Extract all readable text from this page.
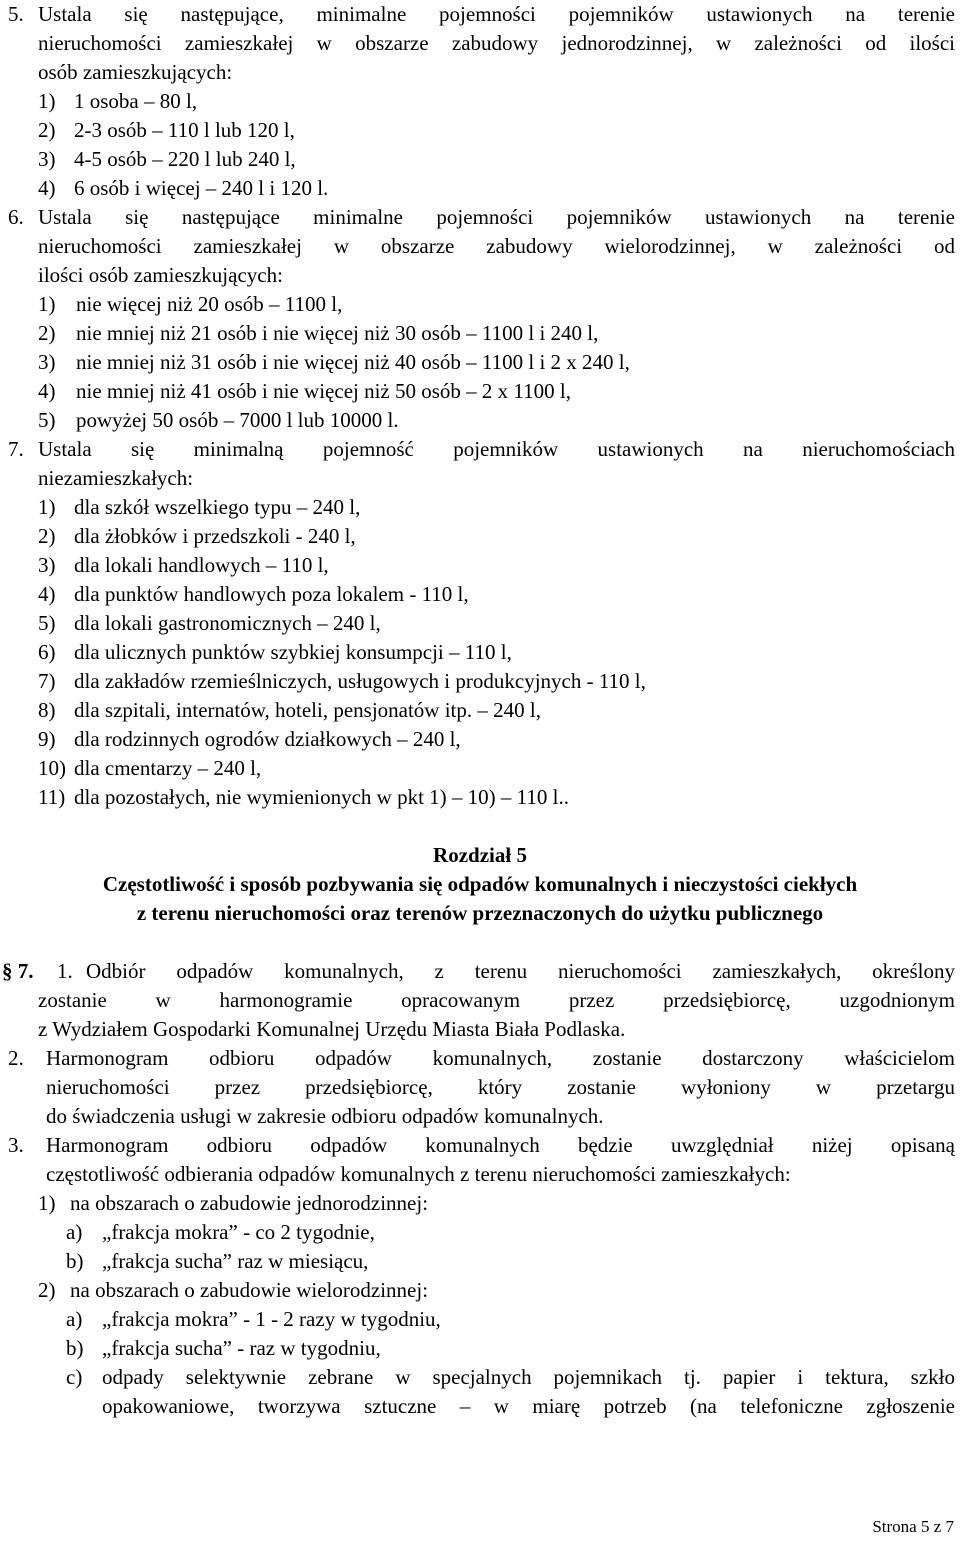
5. Ustala się następujące, minimalne pojemności pojemników ustawionych na terenie
nieruchomości zamieszkałej w obszarze zabudowy jednorodzinnej, w zależności od ilości
osób zamieszkujących:
1) 1 osoba – 80 l,
2) 2-3 osób – 110 l lub 120 l,
3) 4-5 osób – 220 l lub 240 l,
4) 6 osób i więcej – 240 l i 120 l.
6. Ustala się następujące minimalne pojemności pojemników ustawionych na terenie
nieruchomości zamieszkałej w obszarze zabudowy wielorodzinnej, w zależności od
ilości osób zamieszkujących:
1) nie więcej niż 20 osób – 1100 l,
2) nie mniej niż 21 osób i nie więcej niż 30 osób – 1100 l i 240 l,
3) nie mniej niż 31 osób i nie więcej niż 40 osób – 1100 l i 2 x 240 l,
4) nie mniej niż 41 osób i nie więcej niż 50 osób – 2 x 1100 l,
5) powyżej 50 osób – 7000 l lub 10000 l.
7. Ustala się minimalną pojemność pojemników ustawionych na nieruchomościach
niezamieszkałych:
1) dla szkół wszelkiego typu – 240 l,
2) dla żłobków i przedszkoli - 240 l,
3) dla lokali handlowych – 110 l,
4) dla punktów handlowych poza lokalem - 110 l,
5) dla lokali gastronomicznych – 240 l,
6) dla ulicznych punktów szybkiej konsumpcji – 110 l,
7) dla zakładów rzemieślniczych, usługowych i produkcyjnych - 110 l,
8) dla szpitali, internatów, hoteli, pensjonatów itp. – 240 l,
9) dla rodzinnych ogrodów działkowych – 240 l,
10) dla cmentarzy – 240 l,
11) dla pozostałych, nie wymienionych w pkt 1) – 10) – 110 l..
Rozdział 5
Częstotliwość i sposób pozbywania się odpadów komunalnych i nieczystości ciekłych
z terenu nieruchomości oraz terenów przeznaczonych do użytku publicznego
§ 7. 1. Odbiór odpadów komunalnych, z terenu nieruchomości zamieszkałych, określony
zostanie w harmonogramie opracowanym przez przedsiębiorcę, uzgodnionym
z Wydziałem Gospodarki Komunalnej Urzędu Miasta Biała Podlaska.
2. Harmonogram odbioru odpadów komunalnych, zostanie dostarczony właścicielom
nieruchomości przez przedsiębiorcę, który zostanie wyłoniony w przetargu
do świadczenia usługi w zakresie odbioru odpadów komunalnych.
3. Harmonogram odbioru odpadów komunalnych będzie uwzględniał niżej opisaną
częstotliwość odbierania odpadów komunalnych z terenu nieruchomości zamieszkałych:
1) na obszarach o zabudowie jednorodzinnej:
a) „frakcja mokra” - co 2 tygodnie,
b) „frakcja sucha” raz w miesiącu,
2) na obszarach o zabudowie wielorodzinnej:
a) „frakcja mokra” - 1 - 2 razy w tygodniu,
b) „frakcja sucha” - raz w tygodniu,
c) odpady selektywnie zebrane w specjalnych pojemnikach tj. papier i tektura, szkło
opakowaniowe, tworzywa sztuczne – w miarę potrzeb (na telefoniczne zgłoszenie
Strona 5 z 7
